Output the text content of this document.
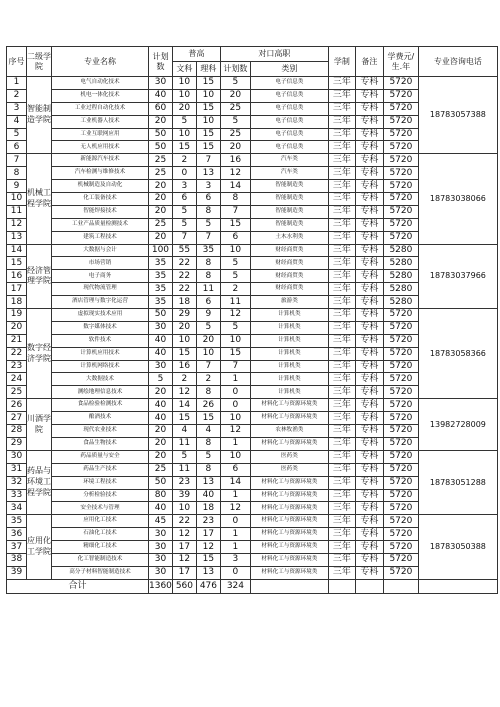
序号	二级学院	专业名称	计划数	普高		对口高职		学制	备注	学费元/生.年	专业咨询电话
				文科	理科	计划数	类别				
1	智能制造学院	电气自动化技术	30	10	15	5	电子信息类	三年	专科	5720	18783057388
2		机电一体化技术	40	10	10	20	电子信息类	三年	专科	5720	
3		工业过程自动化技术	60	20	15	25	电子信息类	三年	专科	5720	
4		工业机器人技术	20	5	10	5	电子信息类	三年	专科	5720	
5		工业互联网应用	50	10	15	25	电子信息类	三年	专科	5720	
6		无人机应用技术	50	15	15	20	电子信息类	三年	专科	5720	
7	机械工程学院	新能源汽车技术	25	2	7	16	汽车类	三年	专科	5720	18783038066
8		汽车检测与维修技术	25	0	13	12	汽车类	三年	专科	5720	
9		机械制造及自动化	20	3	3	14	智能制造类	三年	专科	5720	
10		化工装备技术	20	6	6	8	智能制造类	三年	专科	5720	
11		智能焊接技术	20	5	8	7	智能制造类	三年	专科	5720	
12		工业产品质量检测技术	25	5	5	15	智能制造类	三年	专科	5720	
13		建筑工程技术	20	7	7	6	土木水利类	三年	专科	5720	
14	经济管理学院	大数据与会计	100	55	35	10	财经商贸类	三年	专科	5280	18783037966
15		市场营销	35	22	8	5	财经商贸类	三年	专科	5280	
16		电子商务	35	22	8	5	财经商贸类	三年	专科	5280	
17		现代物流管理	35	22	11	2	财经商贸类	三年	专科	5280	
18		酒店管理与数字化运营	35	18	6	11	旅游类	三年	专科	5280	
19	数字经济学院	虚拟现实技术应用	50	29	9	12	计算机类	三年	专科	5720	18783058366
20		数字媒体技术	30	20	5	5	计算机类	三年	专科	5720	
21		软件技术	40	10	20	10	计算机类	三年	专科	5720	
22		计算机应用技术	40	15	10	15	计算机类	三年	专科	5720	
23		计算机网络技术	30	16	7	7	计算机类	三年	专科	5720	
24		大数据技术	5	2	2	1	计算机类	三年	专科	5720	
25		测绘地理信息技术	20	12	8	0	计算机类	三年	专科	5720	
26	川酒学院	食品检验检测技术	40	14	26	0	材料化工与资源环境类	三年	专科	5720	13982728009
27		酿酒技术	40	15	15	10	材料化工与资源环境类	三年	专科	5720	
28		现代农业技术	20	4	4	12	农林牧渔类	三年	专科	5720	
29		食品生物技术	20	11	8	1	材料化工与资源环境类	三年	专科	5720	
30	药品与环境工程学院	药品质量与安全	20	5	5	10	医药类	三年	专科	5720	18783051288
31		药品生产技术	25	11	8	6	医药类	三年	专科	5720	
32		环境工程技术	50	23	13	14	材料化工与资源环境类	三年	专科	5720	
33		分析检验技术	80	39	40	1	材料化工与资源环境类	三年	专科	5720	
34		安全技术与管理	40	10	18	12	材料化工与资源环境类	三年	专科	5720	
35	应用化工学院	应用化工技术	45	22	23	0	材料化工与资源环境类	三年	专科	5720	18783050388
36		石油化工技术	30	12	17	1	材料化工与资源环境类	三年	专科	5720	
37		精细化工技术	30	17	12	1	材料化工与资源环境类	三年	专科	5720	
38		化工智能制造技术	30	12	15	3	材料化工与资源环境类	三年	专科	5720	
39		高分子材料智能制造技术	30	17	13	0	材料化工与资源环境类	三年	专科	5720	
合计			1360	560	476	324					
